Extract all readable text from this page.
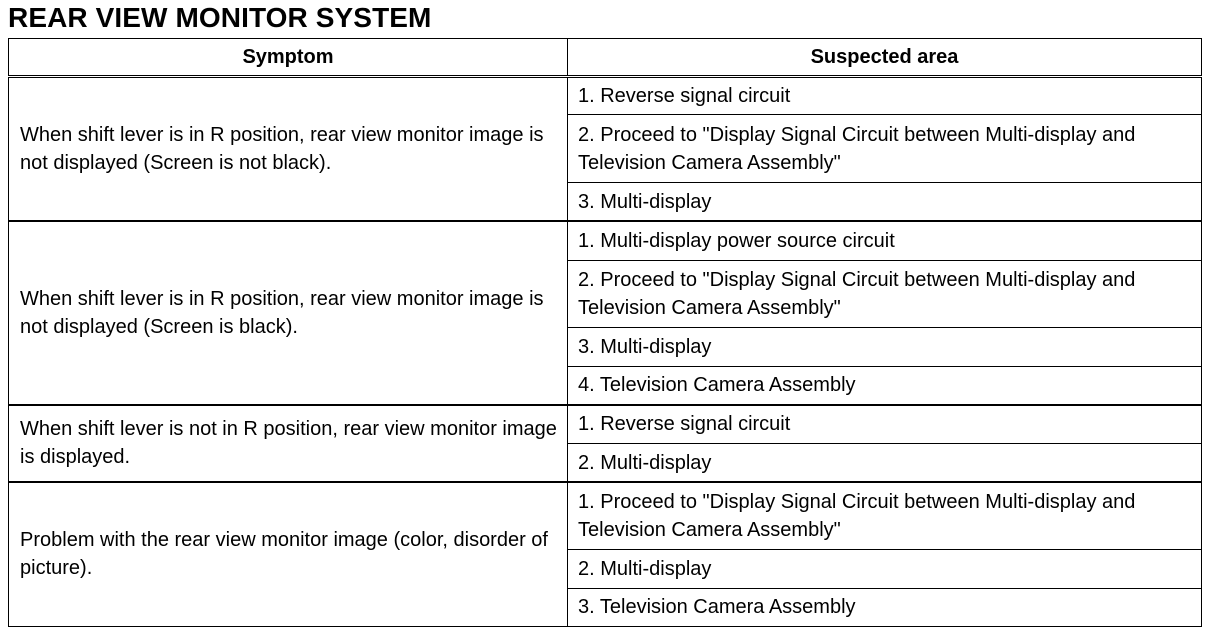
REAR VIEW MONITOR SYSTEM
Symptom	Suspected area
When shift lever is in R position, rear view monitor image is not displayed (Screen is not black).	1. Reverse signal circuit
	2. Proceed to "Display Signal Circuit between Multi-display and Television Camera Assembly"
	3. Multi-display
When shift lever is in R position, rear view monitor image is not displayed (Screen is black).	1. Multi-display power source circuit
	2. Proceed to "Display Signal Circuit between Multi-display and Television Camera Assembly"
	3. Multi-display
	4. Television Camera Assembly
When shift lever is not in R position, rear view monitor image is displayed.	1. Reverse signal circuit
	2. Multi-display
Problem with the rear view monitor image (color, disorder of picture).	1. Proceed to "Display Signal Circuit between Multi-display and Television Camera Assembly"
	2. Multi-display
	3. Television Camera Assembly
